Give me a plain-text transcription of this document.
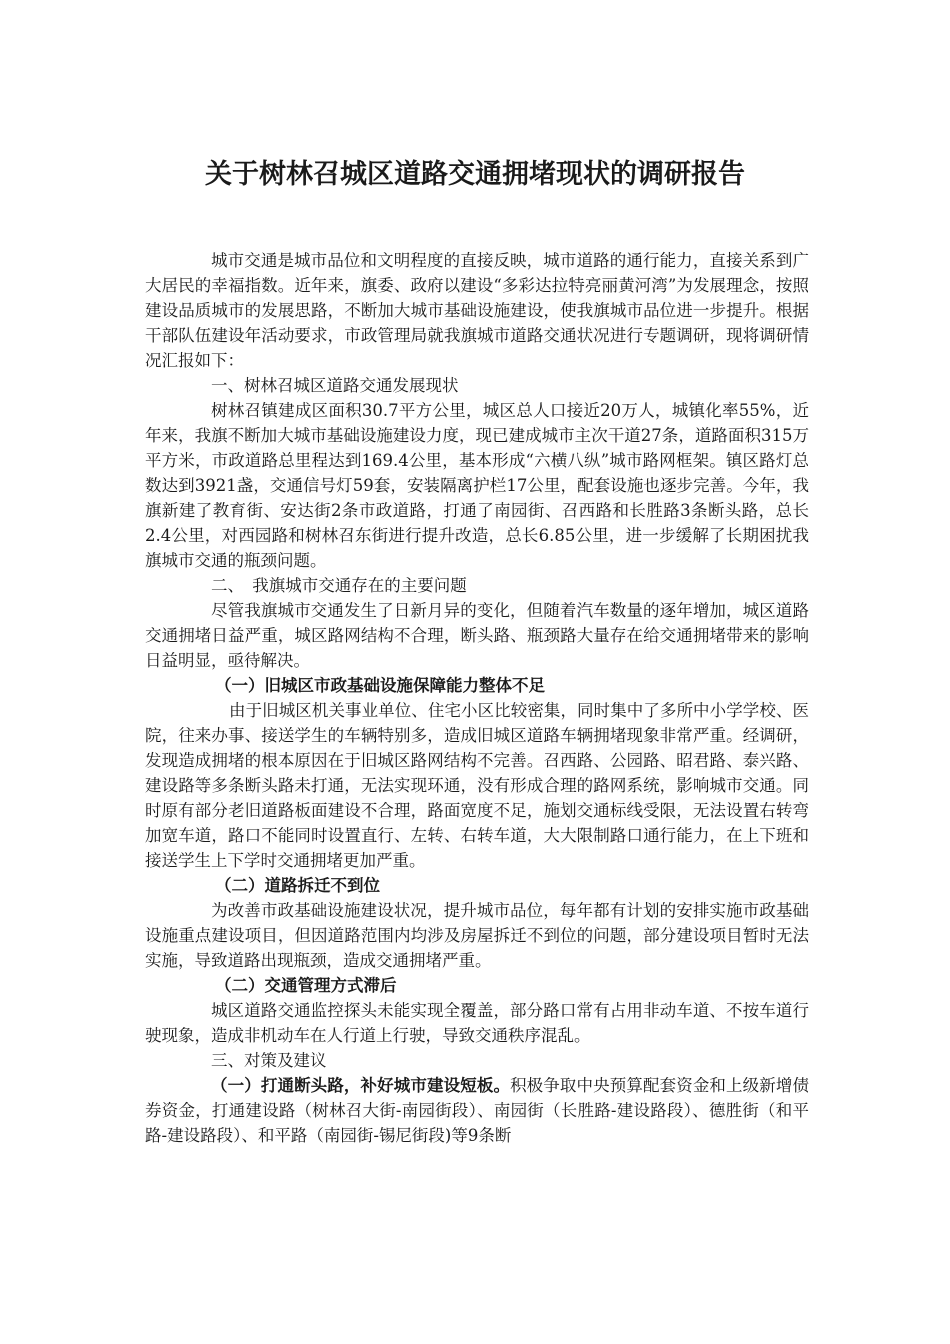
关于树林召城区道路交通拥堵现状的调研报告

城市交通是城市品位和文明程度的直接反映，城市道路的通行能力，直接关系到广大居民的幸福指数。近年来，旗委、政府以建设“多彩达拉特亮丽黄河湾”为发展理念，按照建设品质城市的发展思路，不断加大城市基础设施建设，使我旗城市品位进一步提升。根据干部队伍建设年活动要求，市政管理局就我旗城市道路交通状况进行专题调研，现将调研情况汇报如下：

一、树林召城区道路交通发展现状

树林召镇建成区面积30.7平方公里，城区总人口接近20万人，城镇化率55%，近年来，我旗不断加大城市基础设施建设力度，现已建成城市主次干道27条，道路面积315万平方米，市政道路总里程达到169.4公里，基本形成“六横八纵”城市路网框架。镇区路灯总数达到3921盏，交通信号灯59套，安装隔离护栏17公里，配套设施也逐步完善。今年，我旗新建了教育街、安达街2条市政道路，打通了南园街、召西路和长胜路3条断头路，总长2.4公里，对西园路和树林召东街进行提升改造，总长6.85公里，进一步缓解了长期困扰我旗城市交通的瓶颈问题。

二、　我旗城市交通存在的主要问题

尽管我旗城市交通发生了日新月异的变化，但随着汽车数量的逐年增加，城区道路交通拥堵日益严重，城区路网结构不合理，断头路、瓶颈路大量存在给交通拥堵带来的影响日益明显，亟待解决。

（一）旧城区市政基础设施保障能力整体不足

由于旧城区机关事业单位、住宅小区比较密集，同时集中了多所中小学学校、医院，往来办事、接送学生的车辆特别多，造成旧城区道路车辆拥堵现象非常严重。经调研，发现造成拥堵的根本原因在于旧城区路网结构不完善。召西路、公园路、昭君路、泰兴路、建设路等多条断头路未打通，无法实现环通，没有形成合理的路网系统，影响城市交通。同时原有部分老旧道路板面建设不合理，路面宽度不足，施划交通标线受限，无法设置右转弯加宽车道，路口不能同时设置直行、左转、右转车道，大大限制路口通行能力，在上下班和接送学生上下学时交通拥堵更加严重。

（二）道路拆迁不到位

为改善市政基础设施建设状况，提升城市品位，每年都有计划的安排实施市政基础设施重点建设项目，但因道路范围内均涉及房屋拆迁不到位的问题，部分建设项目暂时无法实施，导致道路出现瓶颈，造成交通拥堵严重。

（二）交通管理方式滞后

城区道路交通监控探头未能实现全覆盖，部分路口常有占用非动车道、不按车道行驶现象，造成非机动车在人行道上行驶，导致交通秩序混乱。

三、对策及建议

（一）打通断头路，补好城市建设短板。积极争取中央预算配套资金和上级新增债券资金，打通建设路（树林召大街-南园街段）、南园街（长胜路-建设路段）、德胜街（和平路-建设路段）、和平路（南园街-锡尼街段)等9条断
